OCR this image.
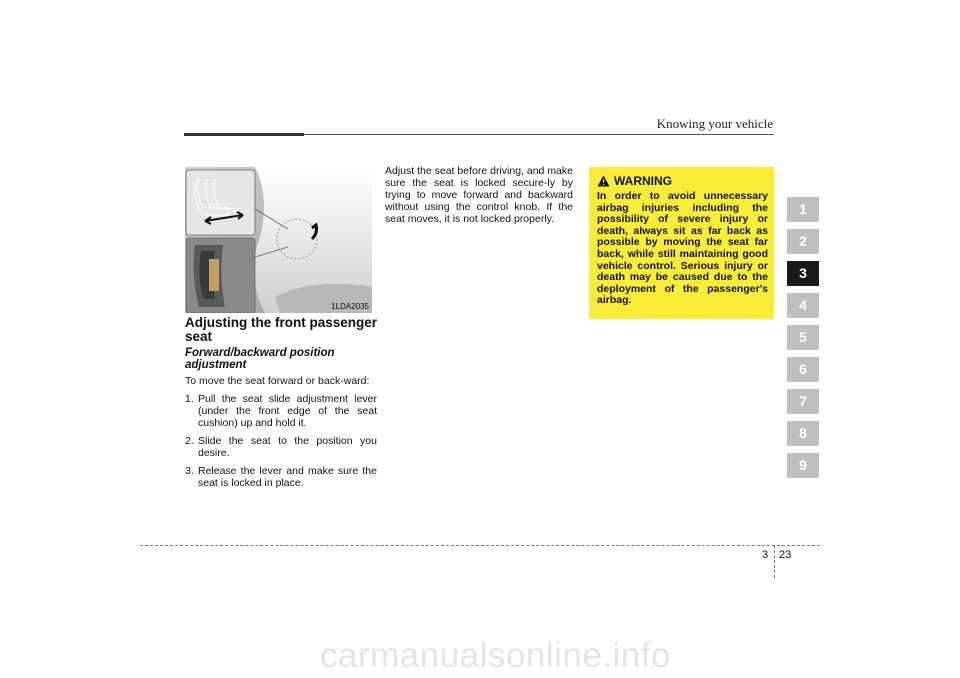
Knowing your vehicle
1LDA2035
Adjusting the front passenger seat
Forward/backward position adjustment
To move the seat forward or back-ward:
1. Pull the seat slide adjustment lever (under the front edge of the seat cushion) up and hold it.
2. Slide the seat to the position you desire.
3. Release the lever and make sure the seat is locked in place.
Adjust the seat before driving, and make sure the seat is locked secure-ly by trying to move forward and backward without using the control knob. If the seat moves, it is not locked properly.
WARNING
In order to avoid unnecessary airbag injuries including the possibility of severe injury or death, always sit as far back as possible by moving the seat far back, while still maintaining good vehicle control. Serious injury or death may be caused due to the deployment of the passenger's airbag.
1
2
3
4
5
6
7
8
9
3 23
carmanualsonline.info
